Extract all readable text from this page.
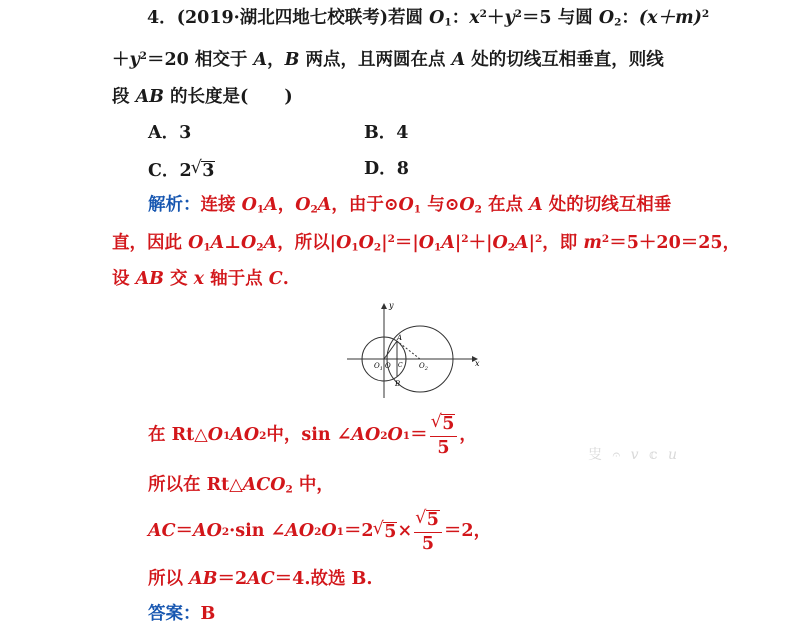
4．(2019·湖北四地七校联考)若圆 $O_1$：$x^2+y^2=5$ 与圆 $O_2$：$(x+m)^2$
$+y^2=20$ 相交于 A，B 两点，且两圆在点 A 处的切线互相垂直，则线
段 AB 的长度是( )
A．3	B．4
C．2 √ 3	D．8
解析：连接 $O_1A$，$O_2A$，由于$⊙O_1$ 与$⊙O_2$ 在点 A 处的切线互相垂
直，因此 $O_1A\perp O_2A$，所以$|O_1O_2|^2=|O_1A|^2+|O_2A|^2$，即 $m^2=5+20=25$，
设 AB 交 x 轴于点 C.
y
x
A
B
O
$O_1$	$O_2$
C
在 Rt△ O 1 A O 2 中，sin ∠ A O 2 O 1 ＝ √ $\frac{5}{5}$ ，
所以在 $Rt\triangle ACO_2$ 中，
AC ＝ A O 2 ·sin ∠ A O 2 O 1 ＝2 √ 5 × √ $\frac{5}{5} =2$，
所以 AB＝2AC＝4.故选 B.
答案：B
㕜 𝄐 𝑣 𝕔 𝑢
